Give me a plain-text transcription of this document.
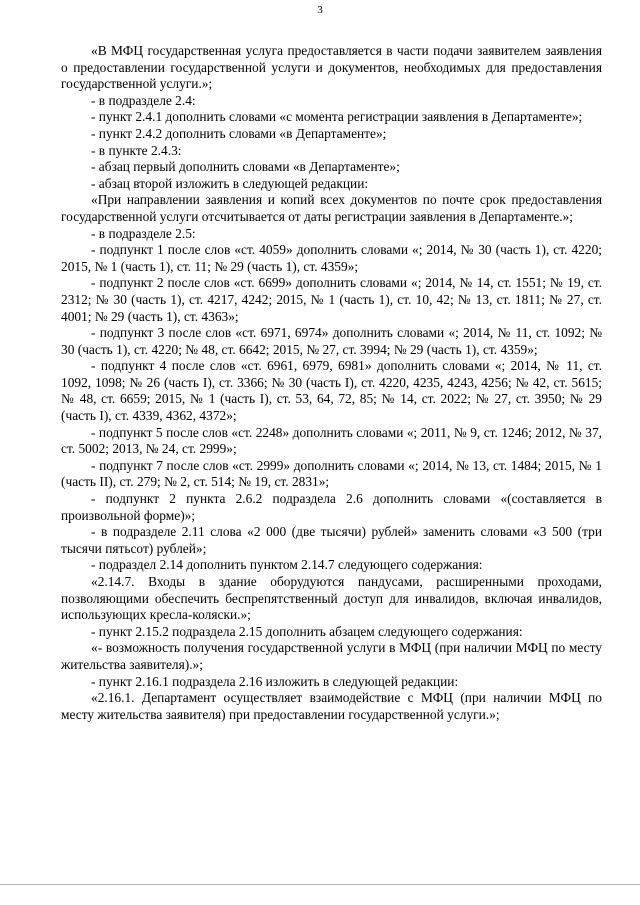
3

«В МФЦ государственная услуга предоставляется в части подачи заявителем заявления о предоставлении государственной услуги и документов, необходимых для предоставления государственной услуги.»;

- в подразделе 2.4:

- пункт 2.4.1 дополнить словами «с момента регистрации заявления в Департаменте»;

- пункт 2.4.2 дополнить словами «в Департаменте»;

- в пункте 2.4.3:

- абзац первый дополнить словами «в Департаменте»;

- абзац второй изложить в следующей редакции:

«При направлении заявления и копий всех документов по почте срок предоставления государственной услуги отсчитывается от даты регистрации заявления в Департаменте.»;

- в подразделе 2.5:

- подпункт 1 после слов «ст. 4059» дополнить словами «; 2014, № 30 (часть 1), ст. 4220; 2015, № 1 (часть 1), ст. 11; № 29 (часть 1), ст. 4359»;

- подпункт 2 после слов «ст. 6699» дополнить словами «; 2014, № 14, ст. 1551; № 19, ст. 2312; № 30 (часть 1), ст. 4217, 4242; 2015, № 1 (часть 1), ст. 10, 42; № 13, ст. 1811; № 27, ст. 4001; № 29 (часть 1), ст. 4363»;

- подпункт 3 после слов «ст. 6971, 6974» дополнить словами «; 2014, № 11, ст. 1092; № 30 (часть 1), ст. 4220; № 48, ст. 6642; 2015, № 27, ст. 3994; № 29 (часть 1), ст. 4359»;

- подпункт 4 после слов «ст. 6961, 6979, 6981» дополнить словами «; 2014, № 11, ст. 1092, 1098; № 26 (часть I), ст. 3366; № 30 (часть I), ст. 4220, 4235, 4243, 4256; № 42, ст. 5615; № 48, ст. 6659; 2015, № 1 (часть I), ст. 53, 64, 72, 85; № 14, ст. 2022; № 27, ст. 3950; № 29 (часть I), ст. 4339, 4362, 4372»;

- подпункт 5 после слов «ст. 2248» дополнить словами «; 2011, № 9, ст. 1246; 2012, № 37, ст. 5002; 2013, № 24, ст. 2999»;

- подпункт 7 после слов «ст. 2999» дополнить словами «; 2014, № 13, ст. 1484; 2015, № 1 (часть II), ст. 279; № 2, ст. 514; № 19, ст. 2831»;

- подпункт 2 пункта 2.6.2 подраздела 2.6 дополнить словами «(составляется в произвольной форме)»;

- в подразделе 2.11 слова «2 000 (две тысячи) рублей» заменить словами «3 500 (три тысячи пятьсот) рублей»;

- подраздел 2.14 дополнить пунктом 2.14.7 следующего содержания:

«2.14.7. Входы в здание оборудуются пандусами, расширенными проходами, позволяющими обеспечить беспрепятственный доступ для инвалидов, включая инвалидов, использующих кресла-коляски.»;

- пункт 2.15.2 подраздела 2.15 дополнить абзацем следующего содержания:

«- возможность получения государственной услуги в МФЦ (при наличии МФЦ по месту жительства заявителя).»;

- пункт 2.16.1 подраздела 2.16 изложить в следующей редакции:

«2.16.1. Департамент осуществляет взаимодействие с МФЦ (при наличии МФЦ по месту жительства заявителя) при предоставлении государственной услуги.»;
